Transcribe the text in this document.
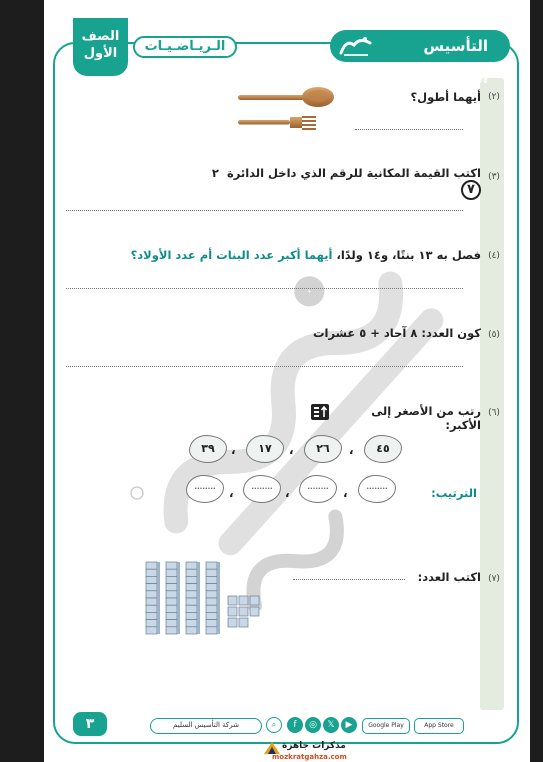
الصف
الأول	الـريـاضـيـات	التأسيس السليم
(٢)
أيهما أطول؟
(٣)
اكتب القيمة المكانية للرقم الذي داخل الدائرة ٢ ٧
(٤)
فصل به ١٣ بنتًا، و١٤ ولدًا، أيهما أكبر عدد البنات أم عدد الأولاد؟
(٥)
كون العدد: ٨ آحاد + ٥ عشرات
(٦)
رتب من الأصغر إلى الأكبر:
٤٥
،
٢٦
،
١٧
،
٣٩
الترتيب:
........
،
........
،
........
،
........
(٧)
اكتب العدد:
٣	شركة التأسيس السليم	⌕	f	◎	𝕏	▶	Google Play	App Store
مذكرات جاهزة
mozkratgahza.com
